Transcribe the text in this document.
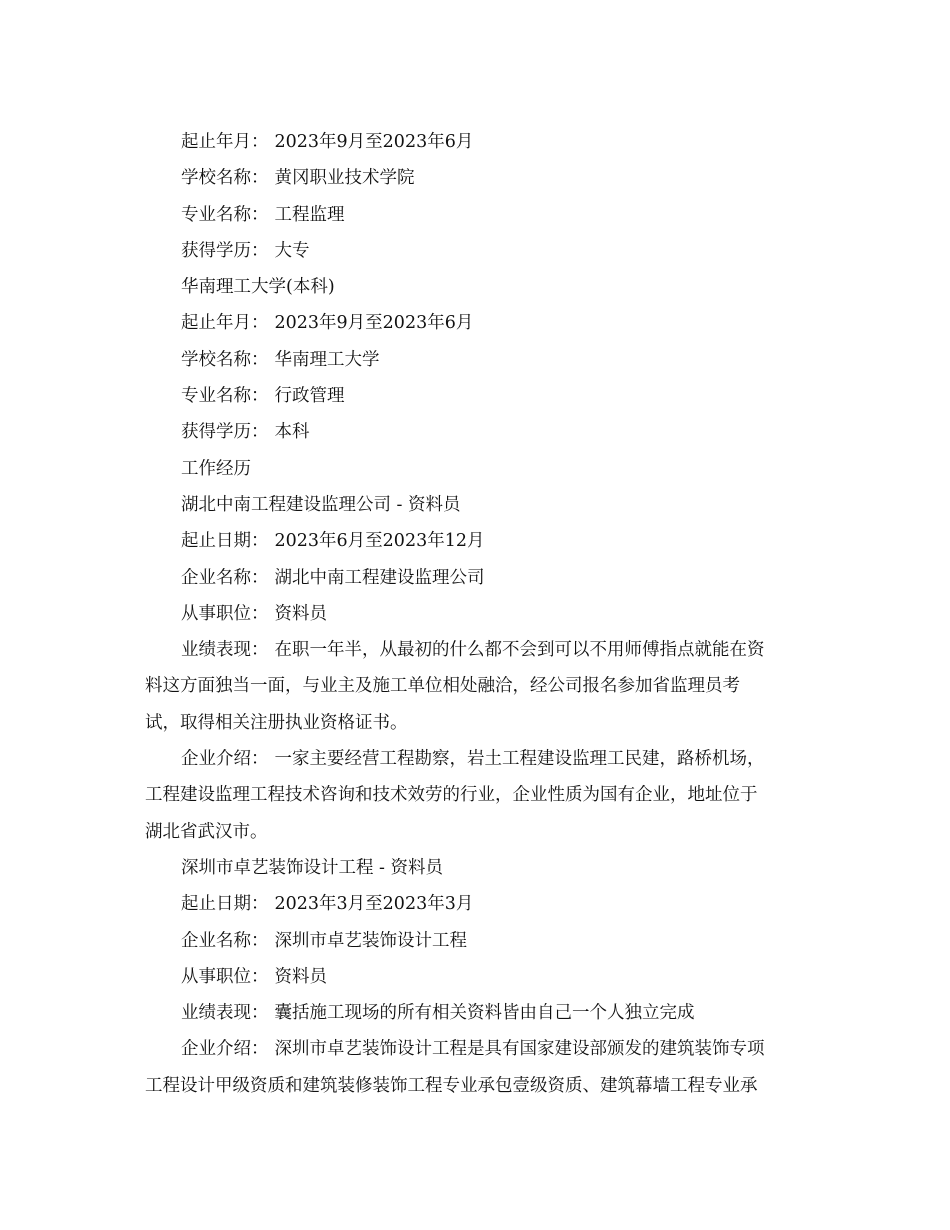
起止年月： 2023年9月至2023年6月
学校名称： 黄冈职业技术学院
专业名称： 工程监理
获得学历： 大专
华南理工大学(本科)
起止年月： 2023年9月至2023年6月
学校名称： 华南理工大学
专业名称： 行政管理
获得学历： 本科
工作经历
湖北中南工程建设监理公司 - 资料员
起止日期： 2023年6月至2023年12月
企业名称： 湖北中南工程建设监理公司
从事职位： 资料员
业绩表现： 在职一年半，从最初的什么都不会到可以不用师傅指点就能在资
料这方面独当一面，与业主及施工单位相处融洽，经公司报名参加省监理员考
试，取得相关注册执业资格证书。
企业介绍： 一家主要经营工程勘察，岩土工程建设监理工民建，路桥机场，
工程建设监理工程技术咨询和技术效劳的行业，企业性质为国有企业，地址位于
湖北省武汉市。
深圳市卓艺装饰设计工程 - 资料员
起止日期： 2023年3月至2023年3月
企业名称： 深圳市卓艺装饰设计工程
从事职位： 资料员
业绩表现： 囊括施工现场的所有相关资料皆由自己一个人独立完成
企业介绍： 深圳市卓艺装饰设计工程是具有国家建设部颁发的建筑装饰专项
工程设计甲级资质和建筑装修装饰工程专业承包壹级资质、建筑幕墙工程专业承
